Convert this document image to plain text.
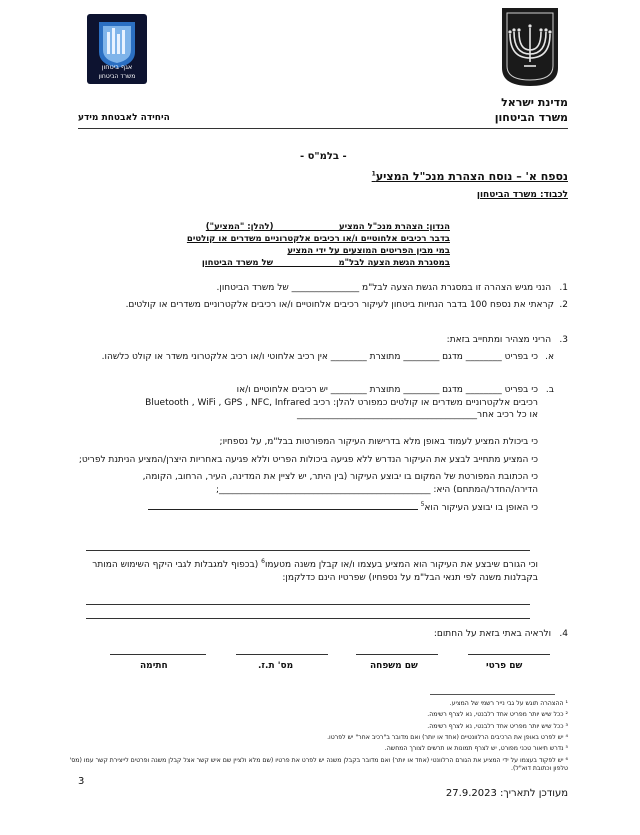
מדינת ישראל
משרד הביטחון
אגף ביטחון
משרד הביטחון
היחידה לאבטחת מידע
- בלמ"ס -
נספח א' – נוסח הצהרת מנכ"ל המציע$^1$
לכבוד: משרד הביטחון
הנדון: הצהרת מנכ"ל המציע ______________ (להלן: "המציע")
בדבר רכיבים אלחוטיים ו/או רכיבים אלקטרוניים משדרים או קולטים
במי מבין הפריטים המוצעים על ידי המציע
במסגרת הגשת הצעה לבל"מ ______________ של משרד הביטחון
1. הנני מגיש הצהרה זו במסגרת הגשת הצעה לבל"מ _______________ של משרד הביטחון.
2.
קראתי את נספח 100 בדבר הנחיות ביטחון לעיקור רכיבים אלחוטיים ו/או רכיבים אלקטרוניים משדרים או קולטים.
3. הריני מצהיר ומתחייב בזאת:
א.
כי בפריט ________ מדגם ________ מתוצרת ________ אין רכיב אלחוטי ו/או רכיב אלקטרוני משדר או קולט כלשהו.
ב.
כי בפריט ________ מדגם ________ מתוצרת ________ יש רכיבים אלחוטיים ו/או
רכיבים אלקטרוניים משדרים או קולטים כמפורט להלן: רכיב Bluetooth , WiFi , GPS , NFC, Infrared
או כל רכיב אחר________________________________________
כי ביכולת המציע לעמוד באופן מלא בדרישות העיקור המפורטות בבל"מ, על נספחיו;
כי המציע מתחייב לבצע את העיקור הנדרש ללא פגיעה ביכולות הפריט וללא פגיעה באחריות היצרן/המציע הניתנת לפריט;
כי הכתובת המפורטת של המקום בו יבוצע העיקור (בין היתר, יש לציין את המדינה, העיר, הרחוב, הקומה, הדירה/החדר/המתחם) היא: _______________________________________________;
כי האופן בו יבוצע העיקור הוא$^5$
וכי הגורם שיבצע את העיקור הוא המציע בעצמו ו/או קבלן משנה מטעמו$^6$ (בכפוף למגבלות לגבי היקף השימוש המותר בקבלנות משנה לפי תנאי הבל"מ על נספחיו) שפרטיו הינם כדלקמן:
4. ולראיה באתי בזאת על החתום:
שם פרטי
שם משפחה
מס' ת.ז.
חתימה
¹ ההצהרה תוגש על גבי נייר רשמי של המציע.
² ככל שיש יותר מפריט אחד רלבנטי, נא לצרף רשימה.
³ ככל שיש יותר מפריט אחד רלבנטי, נא לצרף רשימה.
⁴ יש לפרט באופן את הרכיבים הרלוונטיים (אחד או יותר) ואם מדובר ב"רכיב אחר" יש לפרטו.
⁵ נדרש תיאור טכני מפורט, יש לצרף תמונות או תרשים לצורך המחשה.
⁶ יש לפקוד בעצמו על ידי המציע את הגורם הרלוונטי (אחד או יותר) ואם מדובר בקבלן משנה יש לפרט את פרטיו (שם מלא ולציין שם איש קשר אצל קבלן משנה ופרטים לייצירת קשר עמו (מס' טלפון וכתובת דוא"ל).
3
מעודכן לתאריך: 27.9.2023
